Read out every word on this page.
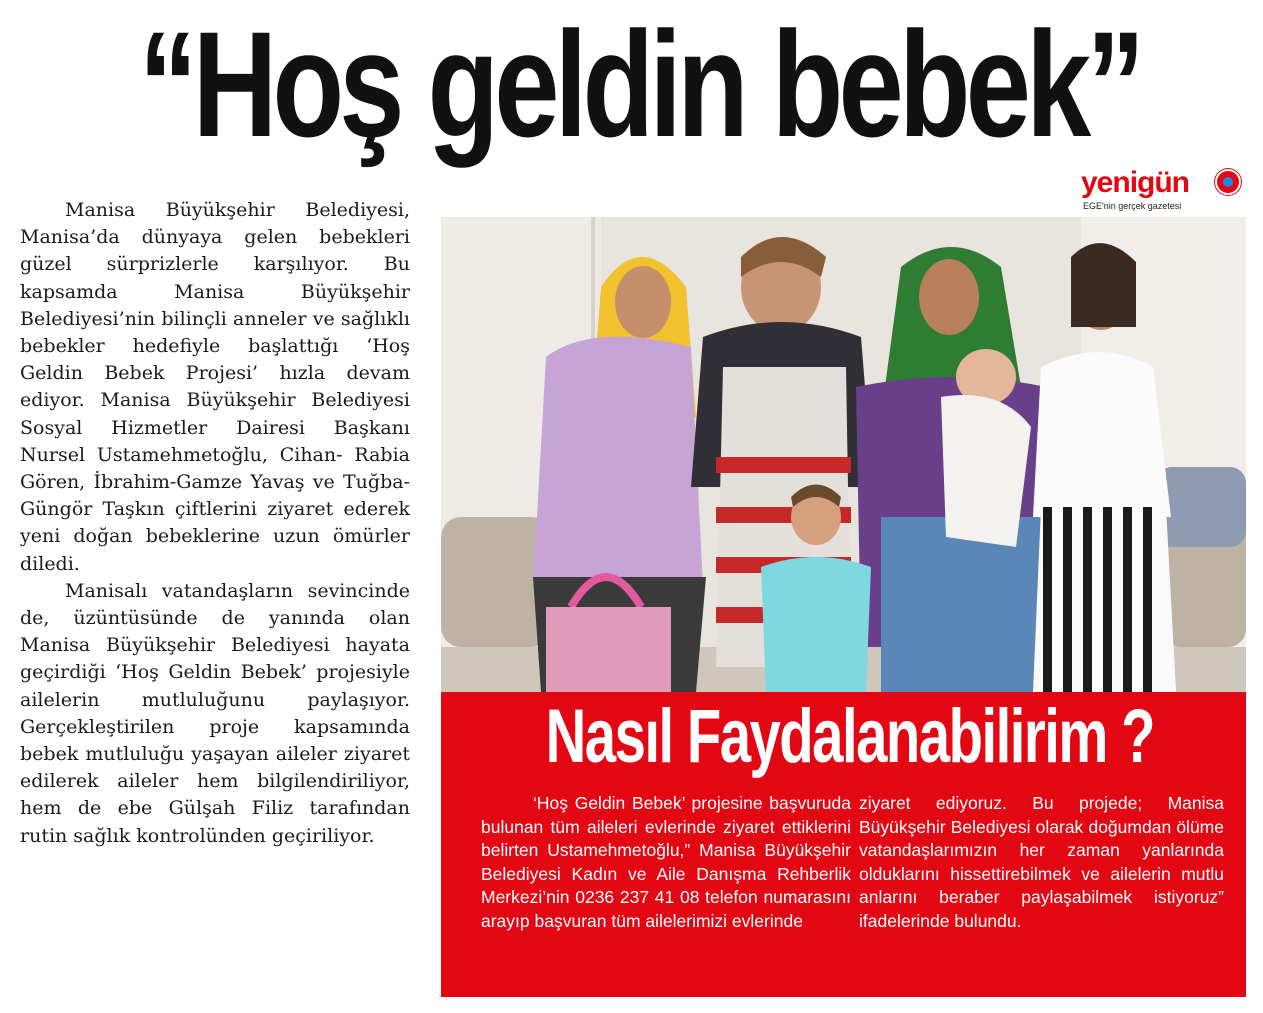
“Hoş geldin bebek”
yenigün
EGE'nin gerçek gazetesi

Manisa Büyükşehir Belediyesi, Manisa’da dünyaya gelen bebekleri güzel sürprizlerle karşılıyor. Bu kapsamda Manisa Büyükşehir Belediyesi’nin bilinçli anneler ve sağlıklı bebekler hedefiyle başlattığı ‘Hoş Geldin Bebek Projesi’ hızla devam ediyor. Manisa Büyükşehir Belediyesi Sosyal Hizmetler Dairesi Başkanı Nursel Ustamehmetoğlu, Cihan- Rabia Gören, İbrahim-Gamze Yavaş ve Tuğba-Güngör Taşkın çiftlerini ziyaret ederek yeni doğan bebeklerine uzun ömürler diledi.

Manisalı vatandaşların sevincinde de, üzüntüsünde de yanında olan Manisa Büyükşehir Belediyesi hayata geçirdiği ‘Hoş Geldin Bebek’ projesiyle ailelerin mutluluğunu paylaşıyor. Gerçekleştirilen proje kapsamında bebek mutluluğu yaşayan aileler ziyaret edilerek aileler hem bilgilendiriliyor, hem de ebe Gülşah Filiz tarafından rutin sağlık kontrolünden geçiriliyor.

Nasıl Faydalanabilirim ?

‘Hoş Geldin Bebek’ projesine başvuruda bulunan tüm aileleri evlerinde ziyaret ettiklerini belirten Ustamehmetoğlu,” Manisa Büyükşehir Belediyesi Kadın ve Aile Danışma Rehberlik Merkezi’nin 0236 237 41 08 telefon numarasını arayıp başvuran tüm ailelerimizi evlerinde

ziyaret ediyoruz. Bu projede; Manisa Büyükşehir Belediyesi olarak doğumdan ölüme vatandaşlarımızın her zaman yanlarında olduklarını hissettirebilmek ve ailelerin mutlu anlarını beraber paylaşabilmek istiyoruz” ifadelerinde bulundu.
